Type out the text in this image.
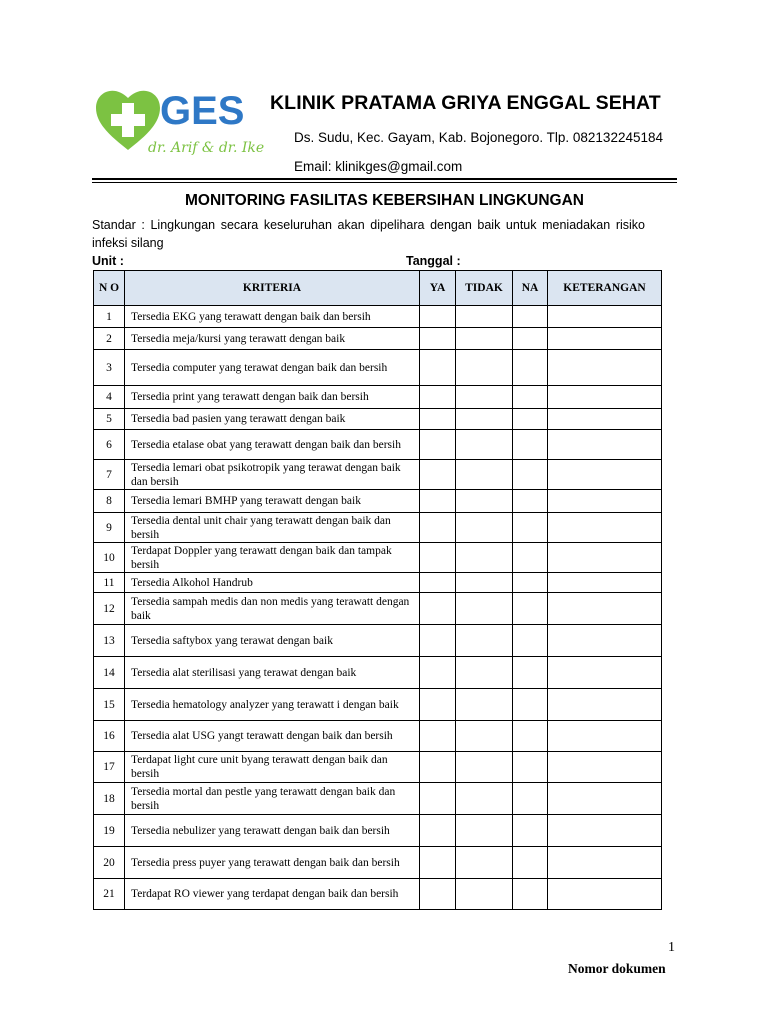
GES
dr. Arif & dr. Ike
KLINIK PRATAMA GRIYA ENGGAL SEHAT
Ds. Sudu, Kec. Gayam, Kab. Bojonegoro. Tlp. 082132245184
Email: klinikges@gmail.com
MONITORING FASILITAS KEBERSIHAN LINGKUNGAN
Standar : Lingkungan secara keseluruhan akan dipelihara dengan baik untuk meniadakan risiko infeksi silang
Unit :	Tanggal :
N O	KRITERIA	YA	TIDAK	NA	KETERANGAN
1	Tersedia EKG yang terawatt dengan baik dan bersih				
2	Tersedia meja/kursi yang terawatt dengan baik				
3	Tersedia computer yang terawat dengan baik dan bersih				
4	Tersedia print yang terawatt dengan baik dan bersih				
5	Tersedia bad pasien yang terawatt dengan baik				
6	Tersedia etalase obat yang terawatt dengan baik dan bersih				
7	Tersedia lemari obat psikotropik yang terawat dengan baik dan bersih				
8	Tersedia lemari BMHP yang terawatt dengan baik				
9	Tersedia dental unit chair yang terawatt dengan baik dan bersih				
10	Terdapat Doppler yang terawatt dengan baik dan tampak bersih				
11	Tersedia Alkohol Handrub				
12	Tersedia sampah medis dan non medis yang terawatt dengan baik				
13	Tersedia saftybox yang terawat dengan baik				
14	Tersedia alat sterilisasi yang terawat dengan baik				
15	Tersedia hematology analyzer yang terawatt i dengan baik				
16	Tersedia alat USG yangt terawatt dengan baik dan bersih				
17	Terdapat light cure unit byang terawatt dengan baik dan bersih				
18	Tersedia mortal dan pestle yang terawatt dengan baik dan bersih				
19	Tersedia nebulizer yang terawatt dengan baik dan bersih				
20	Tersedia press puyer yang terawatt dengan baik dan bersih				
21	Terdapat RO viewer yang terdapat dengan baik dan bersih				
1
Nomor dokumen
